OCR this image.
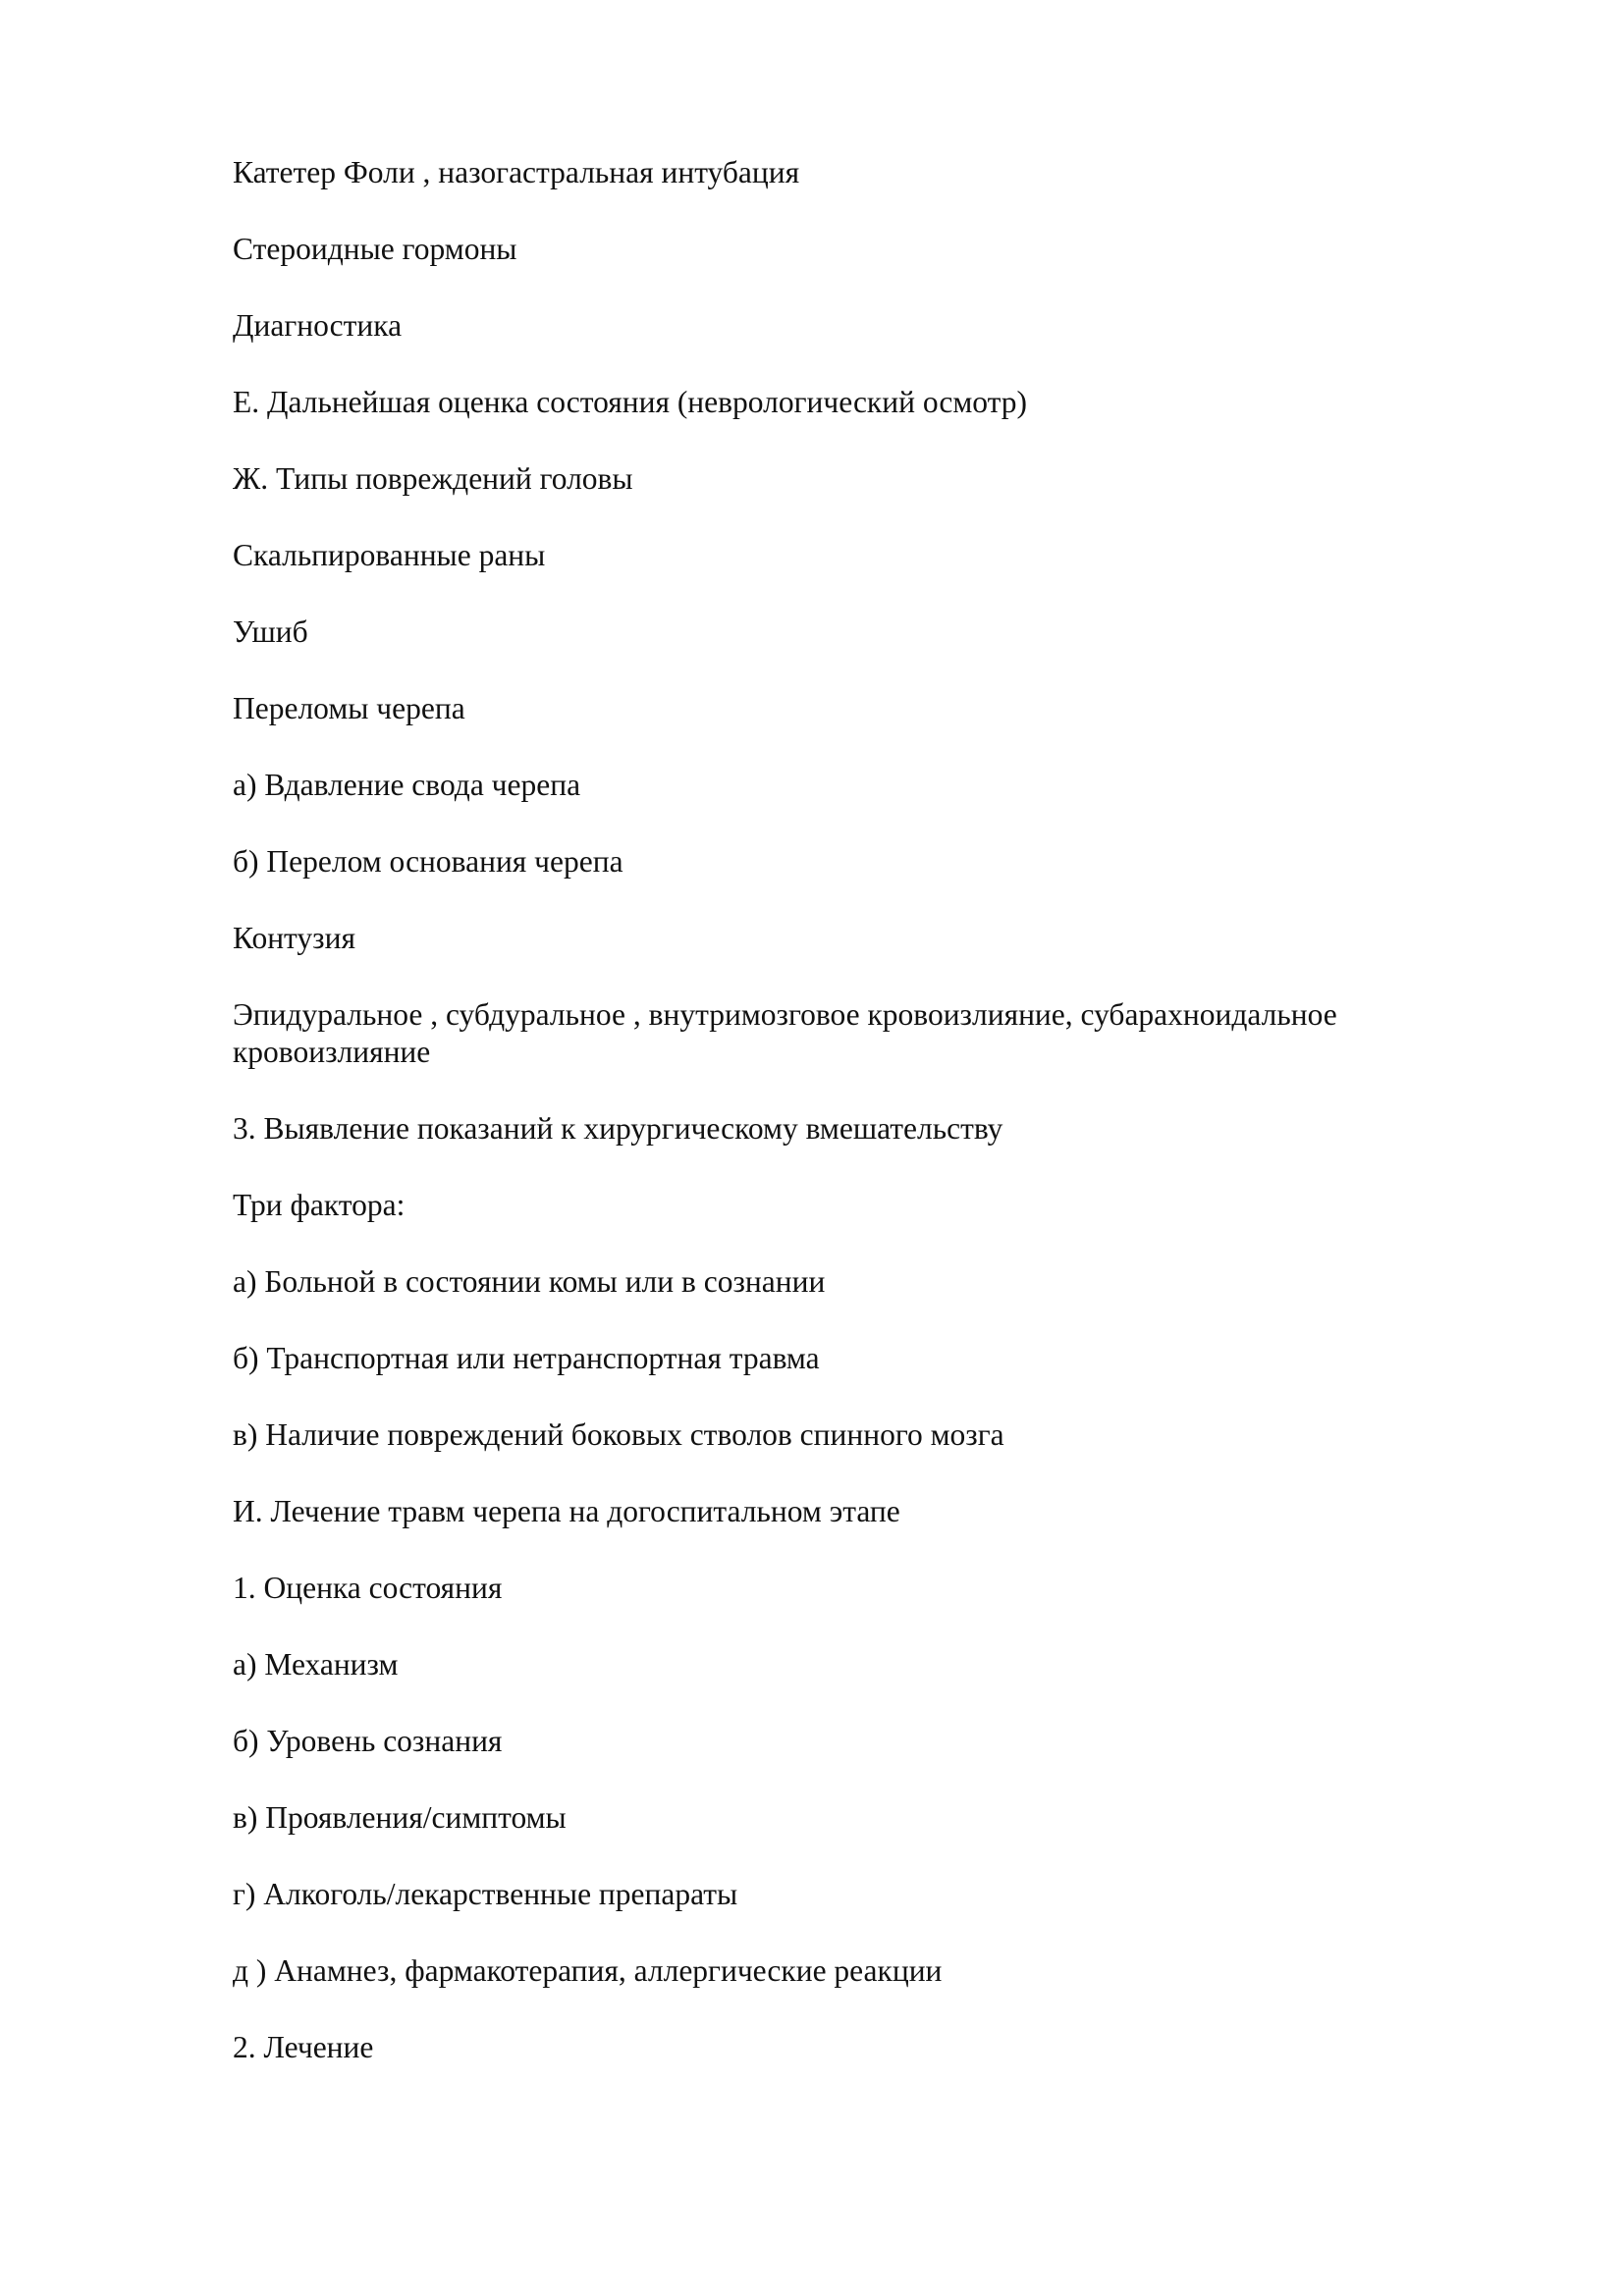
Катетер Фоли , назогастральная интубация
Стероидные гормоны
Диагностика
Е. Дальнейшая оценка состояния (неврологический осмотр)
Ж. Типы повреждений головы
Скальпированные раны
Ушиб
Переломы черепа
а) Вдавление свода черепа
б) Перелом основания черепа
Контузия
Эпидуральное , субдуральное , внутримозговое кровоизлияние, субарахноидальное кровоизлияние
3. Выявление показаний к хирургическому вмешательству
Три фактора:
а) Больной в состоянии комы или в сознании
б) Транспортная или нетранспортная травма
в) Наличие повреждений боковых стволов спинного мозга
И. Лечение травм черепа на догоспитальном этапе
1. Оценка состояния
а) Механизм
б) Уровень сознания
в) Проявления/симптомы
г) Алкоголь/лекарственные препараты
д ) Анамнез, фармакотерапия, аллергические реакции
2. Лечение
